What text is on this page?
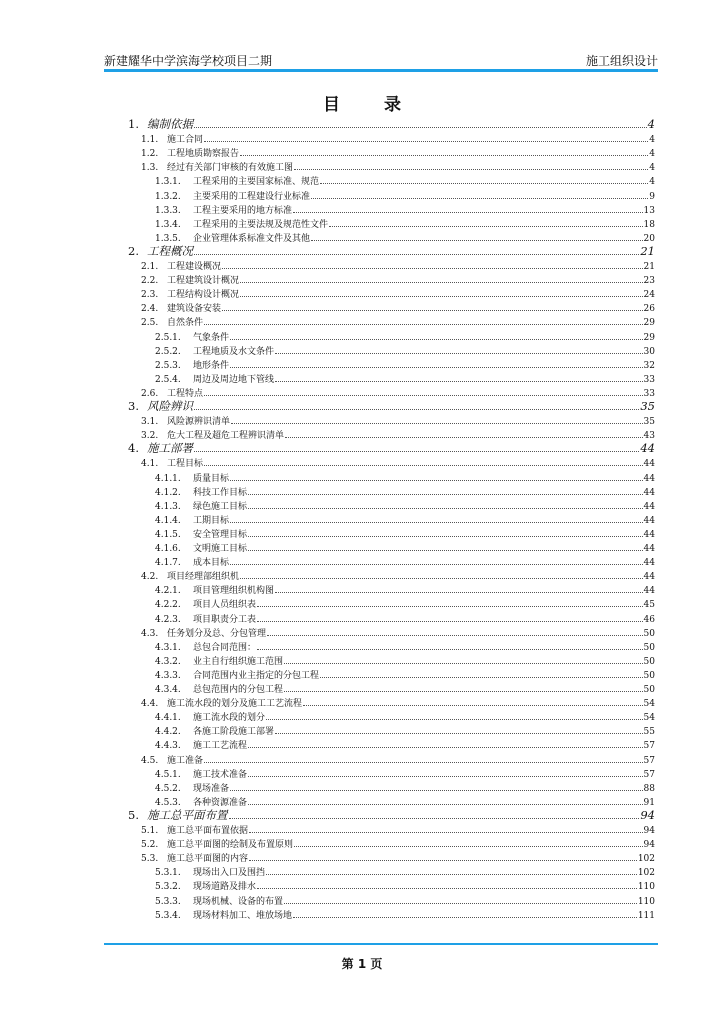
新建耀华中学滨海学校项目二期	施工组织设计
目	录
1. 编制依据	4
1.1. 施工合同	4
1.2. 工程地质勘察报告	4
1.3. 经过有关部门审核的有效施工图	4
1.3.1.	工程采用的主要国家标准、规范	4
1.3.2.	主要采用的工程建设行业标准	9
1.3.3.	工程主要采用的地方标准	13
1.3.4.	工程采用的主要法规及规范性文件	18
1.3.5.	企业管理体系标准文件及其他	20
2. 工程概况	21
2.1. 工程建设概况	21
2.2. 工程建筑设计概况	23
2.3. 工程结构设计概况	24
2.4. 建筑设备安装	26
2.5. 自然条件	29
2.5.1.	气象条件	29
2.5.2.	工程地质及水文条件	30
2.5.3.	地形条件	32
2.5.4.	周边及周边地下管线	33
2.6. 工程特点	33
3. 风险辨识	35
3.1. 风险源辨识清单	35
3.2. 危大工程及超危工程辨识清单	43
4. 施工部署	44
4.1. 工程目标	44
4.1.1.	质量目标	44
4.1.2.	科技工作目标	44
4.1.3.	绿色施工目标	44
4.1.4.	工期目标	44
4.1.5.	安全管理目标	44
4.1.6.	文明施工目标	44
4.1.7.	成本目标	44
4.2. 项目经理部组织机	44
4.2.1.	项目管理组织机构图	44
4.2.2.	项目人员组织表	45
4.2.3.	项目职责分工表	46
4.3. 任务划分及总、分包管理	50
4.3.1.	总包合同范围：	50
4.3.2.	业主自行组织施工范围	50
4.3.3.	合同范围内业主指定的分包工程	50
4.3.4.	总包范围内的分包工程	50
4.4. 施工流水段的划分及施工工艺流程	54
4.4.1.	施工流水段的划分	54
4.4.2.	各施工阶段施工部署	55
4.4.3.	施工工艺流程	57
4.5. 施工准备	57
4.5.1.	施工技术准备	57
4.5.2.	现场准备	88
4.5.3.	各种资源准备	91
5. 施工总平面布置	94
5.1. 施工总平面布置依据	94
5.2. 施工总平面图的绘制及布置原则	94
5.3. 施工总平面图的内容	102
5.3.1.	现场出入口及围挡	102
5.3.2.	现场道路及排水	110
5.3.3.	现场机械、设备的布置	110
5.3.4.	现场材料加工、堆放场地	111
第 1 页
